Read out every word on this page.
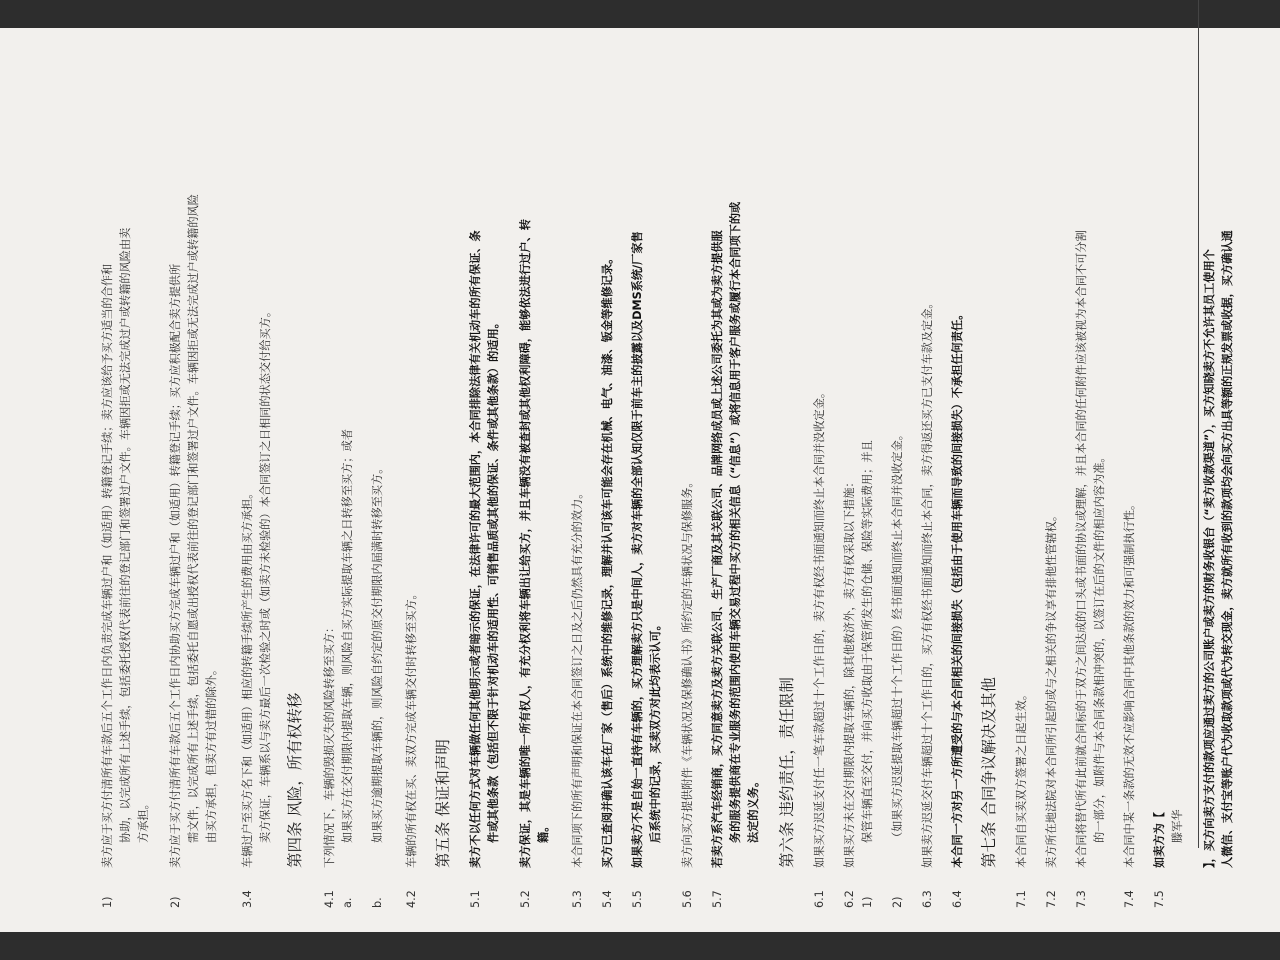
1)
卖方应于买方付清所有车款后五个工作日内负责完成车辆过户和（如适用）转籍登记手续；卖方应该给予买方适当的合作和 协助，以完成所有上述手续，包括委托授权代表前往的登记部门和签署过户文件。车辆因拒或无法完成过户或转籍的风险由卖 方承担。
2)
卖方应于买方付清所有车款后五个工作日内协助买方完成车辆过户和（如适用）转籍登记手续；买方应积极配合卖方提供所 需文件，以完成所有上述手续，包括委托自愿或出授权代表前往的登记部门和签署过户文件。车辆因拒或无法完成过户或转籍的风险 由买方承担，但卖方有过错的除外。
3.4
车辆过户至买方名下和（如适用）相应的转籍手续所产生的费用由买方承担。 卖方保证，车辆系以与卖方最后一次检验之时或（如卖方未检验的）本合同签订之日相同的状态交付给买方。 第四条 风险，所有权转移
4.1
下列情况下，车辆的毁损灭失的风险转移至买方：
a.
如果买方在交付期限内提取车辆，则风险自买方实际提取车辆之日转移至买方；或者
b.
如果买方逾期提取车辆的，则风险自约定的原交付期限内届满时转移至买方。
4.2
车辆的所有权在买、卖双方完成车辆交付时转移至买方。 第五条 保证和声明
5.1
卖方不以任何方式对车辆做任何其他明示或者暗示的保证，在法律许可的最大范围内，本合同排除法律有关机动车的所有保证、条 件或其他条款（包括但不限于针对机动车的适用性、可销售品质或其他的保证、条件或其他条款）的适用。
5.2
卖方保证，其是车辆的唯一所有权人，有充分权利将车辆出让给买方，并且车辆没有被查封或其他权利障碍，能够依法进行过户、转 籍。
5.3
本合同项下的所有声明和保证在本合同签订之日及之后仍然具有充分的效力。
5.4
买方已查阅并确认该车在厂家（售后）系统中的维修记录，理解并认可该车可能会存在机械、电气、油漆、钣金等维修记录。
5.5
如果卖方不是自始一直持有车辆的，买方理解卖方只是中间人，卖方对车辆的全部认知仅限于前车主的披露以及DMS系统/厂家售 后系统中的记录，买卖双方对此均表示认可。
5.6
卖方向买方提供附件《车辆状况及保修确认书》所约定的车辆状况与保修服务。
5.7
若卖方系汽车经销商，买方同意卖方及卖方关联公司、生产厂商及其关联公司、品牌网络成员或上述公司委托为其或为卖方提供服 务的服务提供商在专业服务的范围内使用车辆交易过程中买方的相关信息（“信息”）或将信息用于客户服务或履行本合同项下的或 法定的义务。 第六条 违约责任，责任限制
6.1
如果买方迟延支付任一笔车款超过十个工作日的，卖方有权经书面通知而终止本合同并没收定金。
6.2
如果买方未在交付期限内提取车辆的，除其他救济外，卖方有权采取以下措施：
1)
保管车辆直至交付，并向买方收取由于保管所发生的仓储、保险等实际费用；并且
2)
（如果买方迟延提取车辆超过十个工作日的）经书面通知而终止本合同并没收定金。
6.3
如果卖方迟延交付车辆超过十个工作日的，买方有权经书面通知而终止本合同，卖方得返还买方已支付车款及定金。
6.4
本合同一方对另一方所遭受的与本合同相关的间接损失（包括由于使用车辆而导致的间接损失）不承担任何责任。 第七条 合同争议解决及其他
7.1
本合同自买卖双方签署之日起生效。
7.2
卖方所在地法院对本合同所引起的或与之相关的争议享有排他性管辖权。
7.3
本合同将替代所有此前就合同标的于双方之间达成的口头或书面的协议或理解，并且本合同的任何附件应该被视为本合同不可分割 的一部分，如附件与本合同条款相冲突的，以签订在后的文件的相应内容为准。
7.4
本合同中某一条款的无效不应影响合同中其他条款的效力和可强制执行性。
7.5
如卖方为【 滕军华 】，买方向卖方支付的款项应通过卖方的公司账户或卖方的财务收银台（“卖方收款渠道”），买方知晓卖方不允许其员工使用个 人微信、支付宝等账户代为收取款项或代为转交现金，卖方就所有收到的款项均会向买方出具等额的正规发票或收据，买方确认通
